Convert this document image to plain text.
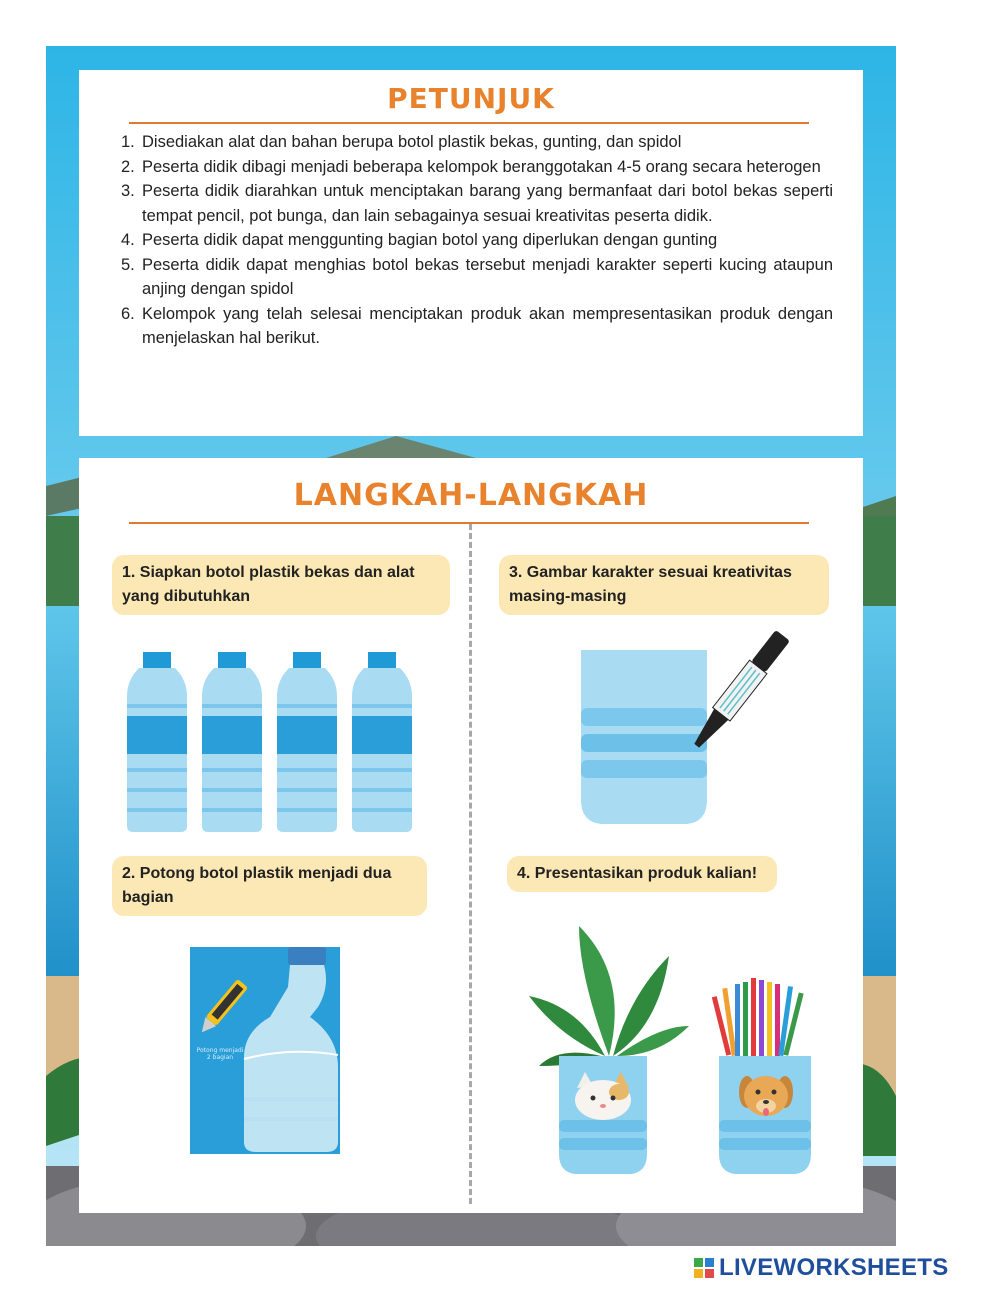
PETUNJUK
1. Disediakan alat dan bahan berupa botol plastik bekas, gunting, dan spidol
2. Peserta didik dibagi menjadi beberapa kelompok beranggotakan 4-5 orang secara heterogen
3. Peserta didik diarahkan untuk menciptakan barang yang bermanfaat dari botol bekas seperti tempat pencil, pot bunga, dan lain sebagainya sesuai kreativitas peserta didik.
4. Peserta didik dapat menggunting bagian botol yang diperlukan dengan gunting
5. Peserta didik dapat menghias botol bekas tersebut menjadi karakter seperti kucing ataupun anjing dengan spidol
6. Kelompok yang telah selesai menciptakan produk akan mempresentasikan produk dengan menjelaskan hal berikut.
LANGKAH-LANGKAH
1. Siapkan botol plastik bekas dan alat yang dibutuhkan
2. Potong botol plastik menjadi dua bagian
3. Gambar karakter sesuai kreativitas masing-masing
4. Presentasikan produk kalian!
Potong menjadi 2 bagian
LIVEWORKSHEETS
